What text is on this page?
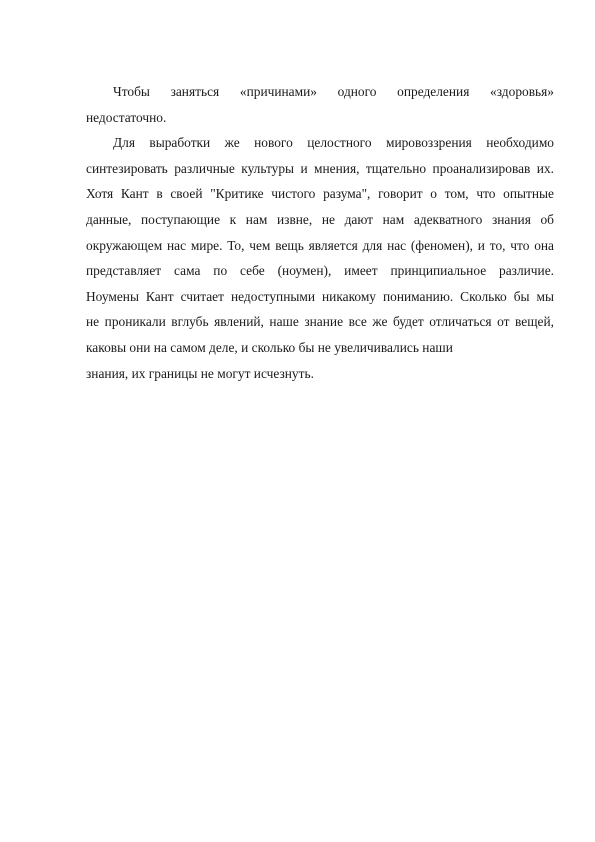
Чтобы заняться «причинами» одного определения «здоровья»
недостаточно.
Для выработки же нового целостного мировоззрения необходимо
синтезировать различные культуры и мнения, тщательно проанализировав их.
Хотя Кант в своей "Критике чистого разума", говорит о том, что опытные
данные, поступающие к нам извне, не дают нам адекватного знания об
окружающем нас мире. То, чем вещь является для нас (феномен), и то, что она
представляет сама по себе (ноумен), имеет принципиальное различие.
Ноумены Кант считает недоступными никакому пониманию. Сколько бы мы
не проникали вглубь явлений, наше знание все же будет отличаться от вещей,
каковы они на самом деле, и сколько бы не увеличивались наши
знания, их границы не могут исчезнуть.
